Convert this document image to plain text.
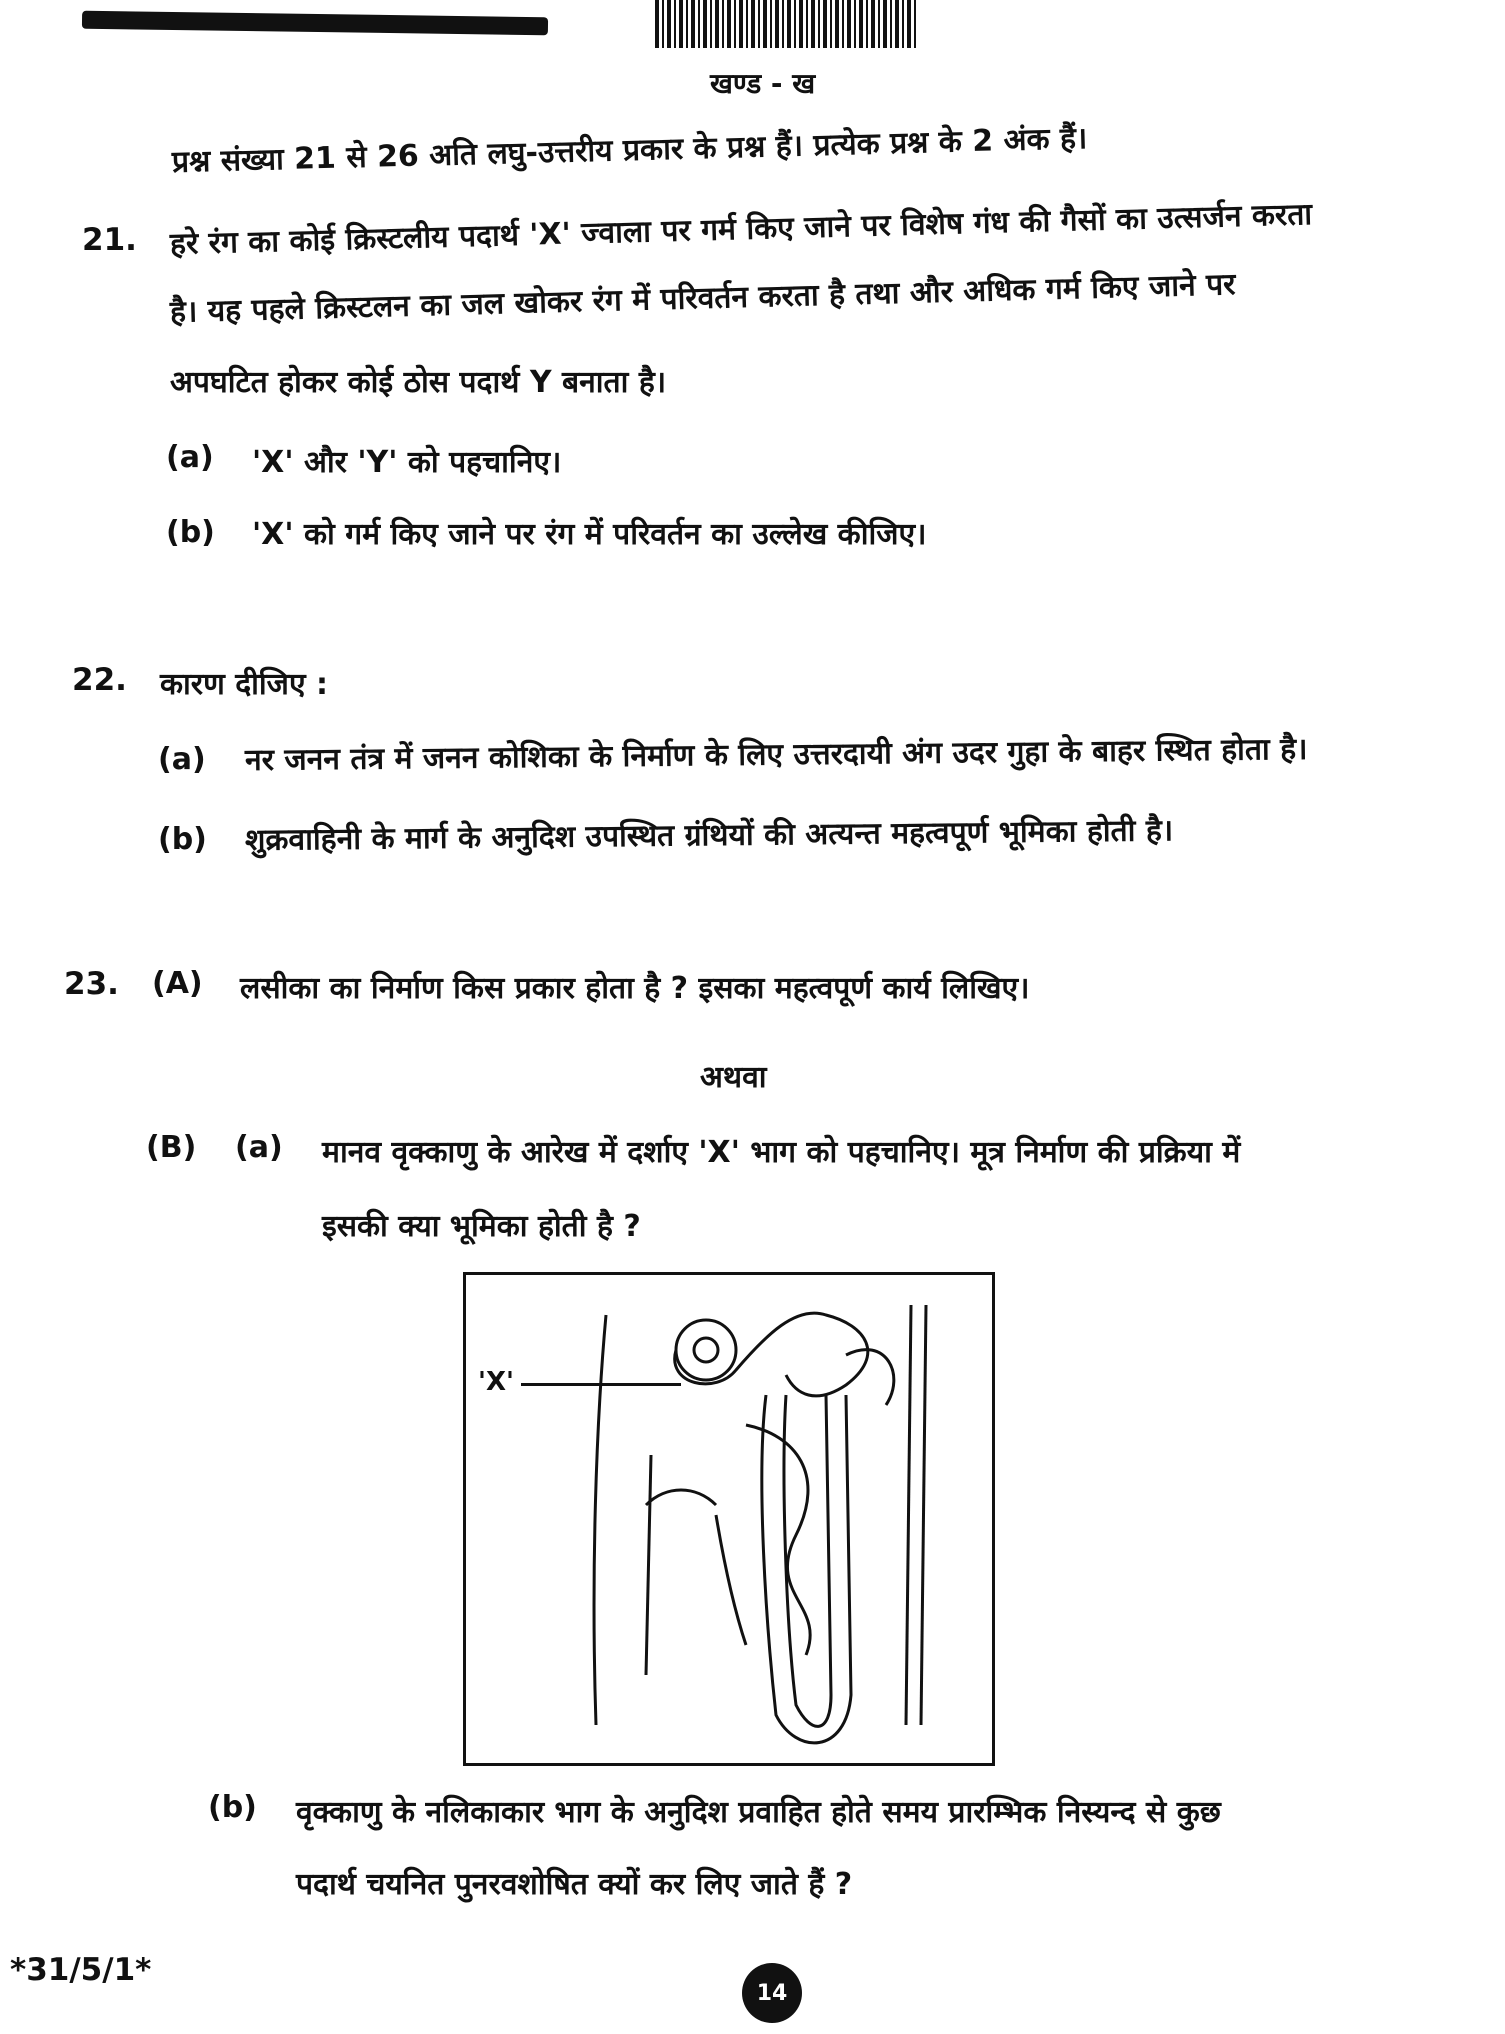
खण्ड - ख
प्रश्न संख्या 21 से 26 अति लघु-उत्तरीय प्रकार के प्रश्न हैं। प्रत्येक प्रश्न के 2 अंक हैं।
21. हरे रंग का कोई क्रिस्टलीय पदार्थ 'X' ज्वाला पर गर्म किए जाने पर विशेष गंध की गैसों का उत्सर्जन करता
है। यह पहले क्रिस्टलन का जल खोकर रंग में परिवर्तन करता है तथा और अधिक गर्म किए जाने पर
अपघटित होकर कोई ठोस पदार्थ Y बनाता है।
(a) 'X' और 'Y' को पहचानिए।
(b) 'X' को गर्म किए जाने पर रंग में परिवर्तन का उल्लेख कीजिए।
22. कारण दीजिए :
(a) नर जनन तंत्र में जनन कोशिका के निर्माण के लिए उत्तरदायी अंग उदर गुहा के बाहर स्थित होता है।
(b) शुक्रवाहिनी के मार्ग के अनुदिश उपस्थित ग्रंथियों की अत्यन्त महत्वपूर्ण भूमिका होती है।
23. (A) लसीका का निर्माण किस प्रकार होता है ? इसका महत्वपूर्ण कार्य लिखिए।
अथवा
(B) (a) मानव वृक्काणु के आरेख में दर्शाए 'X' भाग को पहचानिए। मूत्र निर्माण की प्रक्रिया में
इसकी क्या भूमिका होती है ?
'X'
(b) वृक्काणु के नलिकाकार भाग के अनुदिश प्रवाहित होते समय प्रारम्भिक निस्यन्द से कुछ
पदार्थ चयनित पुनरवशोषित क्यों कर लिए जाते हैं ?
*31/5/1*
14
